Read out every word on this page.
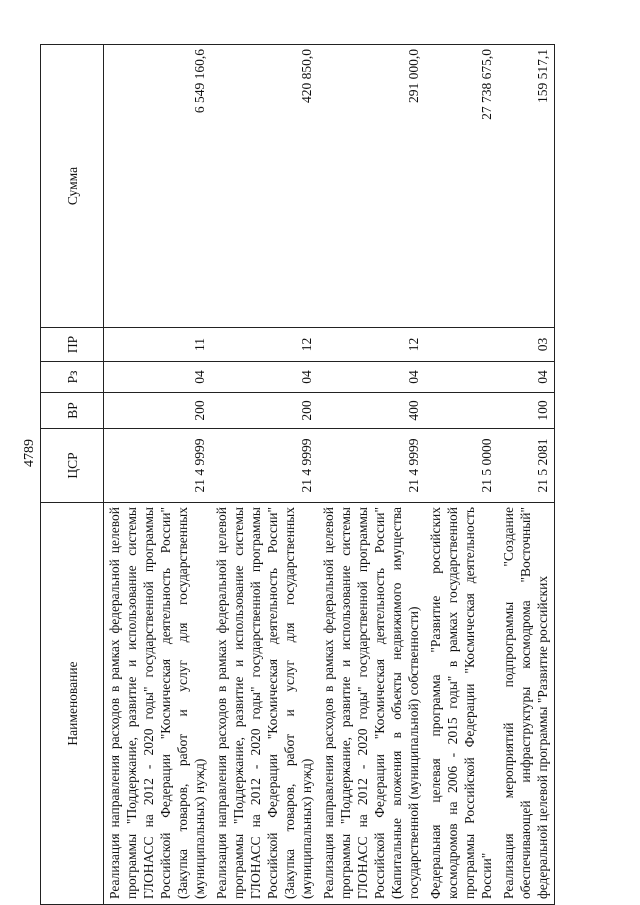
4789
Наименование	ЦСР	ВР	Рз	ПР	Сумма
Реализация направления расходов в рамках федеральной целевой программы "Поддержание, развитие и использование системы ГЛОНАСС на 2012 - 2020 годы" государственной программы Российской Федерации "Космическая деятельность России" (Закупка товаров, работ и услуг для государственных (муниципальных) нужд)	21 4 9999	200	04	11	6 549 160,6
Реализация направления расходов в рамках федеральной целевой программы "Поддержание, развитие и использование системы ГЛОНАСС на 2012 - 2020 годы" государственной программы Российской Федерации "Космическая деятельность России" (Закупка товаров, работ и услуг для государственных (муниципальных) нужд)	21 4 9999	200	04	12	420 850,0
Реализация направления расходов в рамках федеральной целевой программы "Поддержание, развитие и использование системы ГЛОНАСС на 2012 - 2020 годы" государственной программы Российской Федерации "Космическая деятельность России" (Капитальные вложения в объекты недвижимого имущества государственной (муниципальной) собственности)	21 4 9999	400	04	12	291 000,0
Федеральная целевая программа "Развитие российских космодромов на 2006 - 2015 годы" в рамках государственной программы Российской Федерации "Космическая деятельность России"	21 5 0000				27 738 675,0
Реализация мероприятий подпрограммы "Создание обеспечивающей инфраструктуры космодрома "Восточный" федеральной целевой программы "Развитие российских	21 5 2081	100	04	03	159 517,1
